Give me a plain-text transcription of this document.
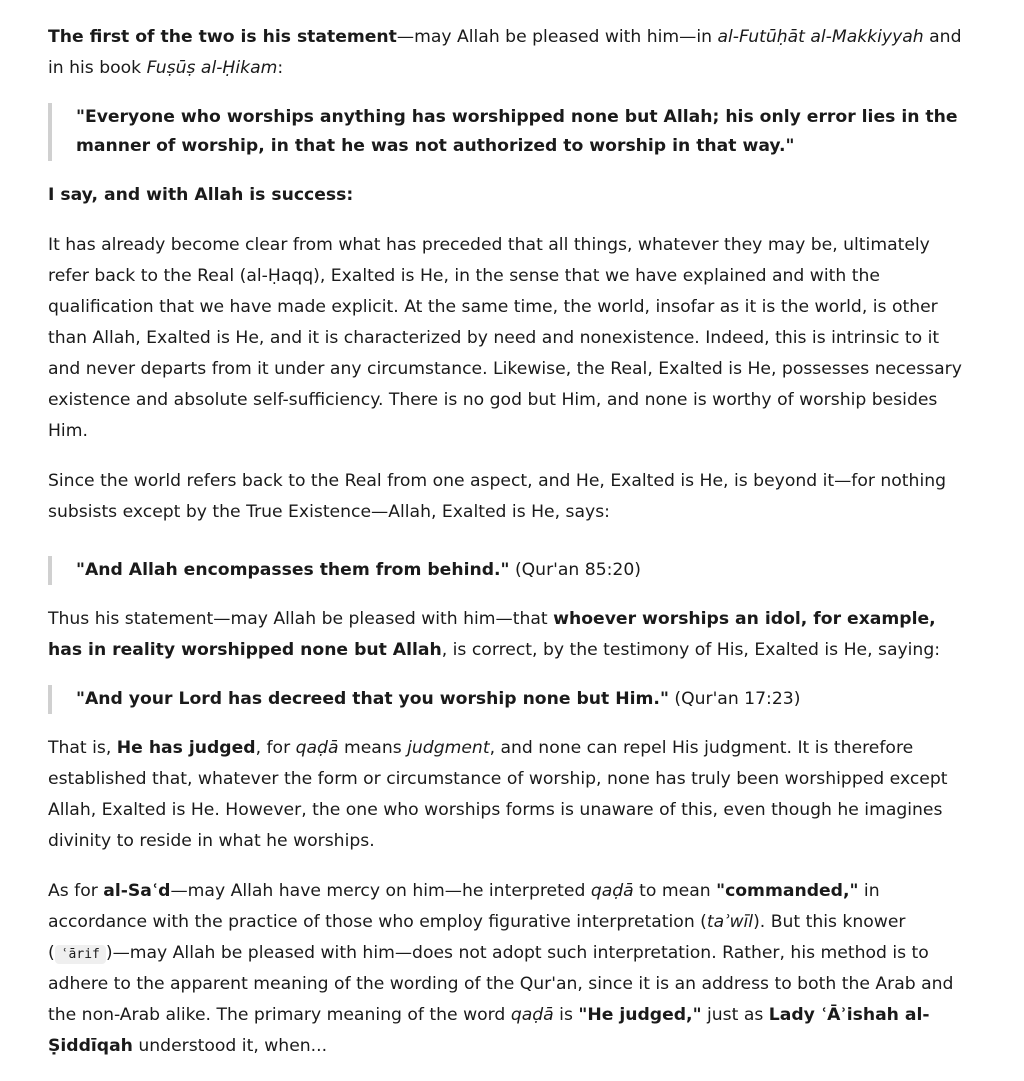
The first of the two is his statement—may Allah be pleased with him—in al-Futūḥāt al-Makkiyyah and in his book Fuṣūṣ al-Ḥikam:

"Everyone who worships anything has worshipped none but Allah; his only error lies in the manner of worship, in that he was not authorized to worship in that way."

I say, and with Allah is success:

It has already become clear from what has preceded that all things, whatever they may be, ultimately refer back to the Real (al-Ḥaqq), Exalted is He, in the sense that we have explained and with the qualification that we have made explicit. At the same time, the world, insofar as it is the world, is other than Allah, Exalted is He, and it is characterized by need and nonexistence. Indeed, this is intrinsic to it and never departs from it under any circumstance. Likewise, the Real, Exalted is He, possesses necessary existence and absolute self-sufficiency. There is no god but Him, and none is worthy of worship besides Him.

Since the world refers back to the Real from one aspect, and He, Exalted is He, is beyond it—for nothing subsists except by the True Existence—Allah, Exalted is He, says:

"And Allah encompasses them from behind." (Qur'an 85:20)

Thus his statement—may Allah be pleased with him—that whoever worships an idol, for example, has in reality worshipped none but Allah, is correct, by the testimony of His, Exalted is He, saying:

"And your Lord has decreed that you worship none but Him." (Qur'an 17:23)

That is, He has judged, for qaḍā means judgment, and none can repel His judgment. It is therefore established that, whatever the form or circumstance of worship, none has truly been worshipped except Allah, Exalted is He. However, the one who worships forms is unaware of this, even though he imagines divinity to reside in what he worships.

As for al-Saʿd—may Allah have mercy on him—he interpreted qaḍā to mean "commanded," in accordance with the practice of those who employ figurative interpretation (taʾwīl). But this knower ( ʿārif )—may Allah be pleased with him—does not adopt such interpretation. Rather, his method is to adhere to the apparent meaning of the wording of the Qur'an, since it is an address to both the Arab and the non-Arab alike. The primary meaning of the word qaḍā is "He judged," just as Lady ʿĀʾishah al-Ṣiddīqah understood it, when...
